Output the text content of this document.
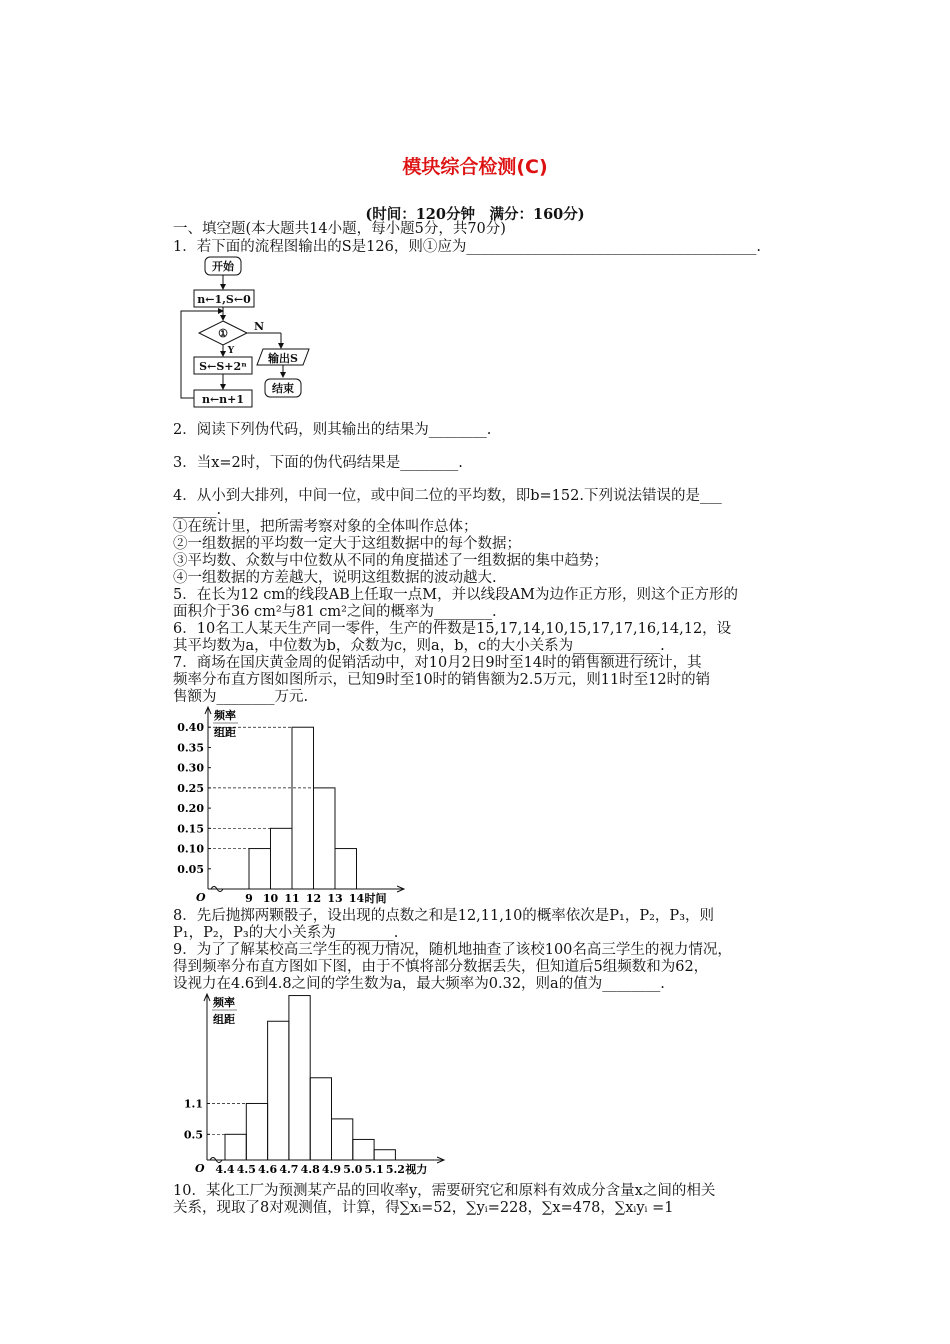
模块综合检测(C)
(时间：120分钟　满分：160分)
一、填空题(本大题共14小题，每小题5分，共70分)
1．若下面的流程图输出的S是126，则①应为________________________________________.
开始
n←1,S←0
①
N
Y
S←S+2ⁿ
输出S
结束
n←n+1
2．阅读下列伪代码，则其输出的结果为________.
3．当x=2时，下面的伪代码结果是________.
4．从小到大排列，中间一位，或中间二位的平均数，即b=152.下列说法错误的是___
______.
①在统计里，把所需考察对象的全体叫作总体；
②一组数据的平均数一定大于这组数据中的每个数据；
③平均数、众数与中位数从不同的角度描述了一组数据的集中趋势；
④一组数据的方差越大，说明这组数据的波动越大.
5．在长为12 cm的线段AB上任取一点M，并以线段AM为边作正方形，则这个正方形的
面积介于36 cm²与81 cm²之间的概率为________.
6．10名工人某天生产同一零件，生产的件数是15,17,14,10,15,17,17,16,14,12，设
其平均数为a，中位数为b，众数为c，则a，b，c的大小关系为____________.
7．商场在国庆黄金周的促销活动中，对10月2日9时至14时的销售额进行统计，其
频率分布直方图如图所示，已知9时至10时的销售额为2.5万元，则11时至12时的销
售额为________万元.
O
频率
组距
0.05
0.10
0.15
0.20
0.25
0.30
0.35
0.40
9 10 11 12 13 14 时间
8．先后抛掷两颗骰子，设出现的点数之和是12,11,10的概率依次是P₁，P₂，P₃，则
P₁，P₂，P₃的大小关系为________.
9．为了了解某校高三学生的视力情况，随机地抽查了该校100名高三学生的视力情况，
得到频率分布直方图如下图，由于不慎将部分数据丢失，但知道后5组频数和为62，
设视力在4.6到4.8之间的学生数为a，最大频率为0.32，则a的值为________.
O
频率
组距
0.5
1.1
4.4 4.5 4.6 4.7 4.8 4.9 5.0 5.1 5.2 视力
10．某化工厂为预测某产品的回收率y，需要研究它和原料有效成分含量x之间的相关
关系，现取了8对观测值，计算，得∑xᵢ=52，∑yᵢ=228，∑x=478，∑xᵢyᵢ =1
